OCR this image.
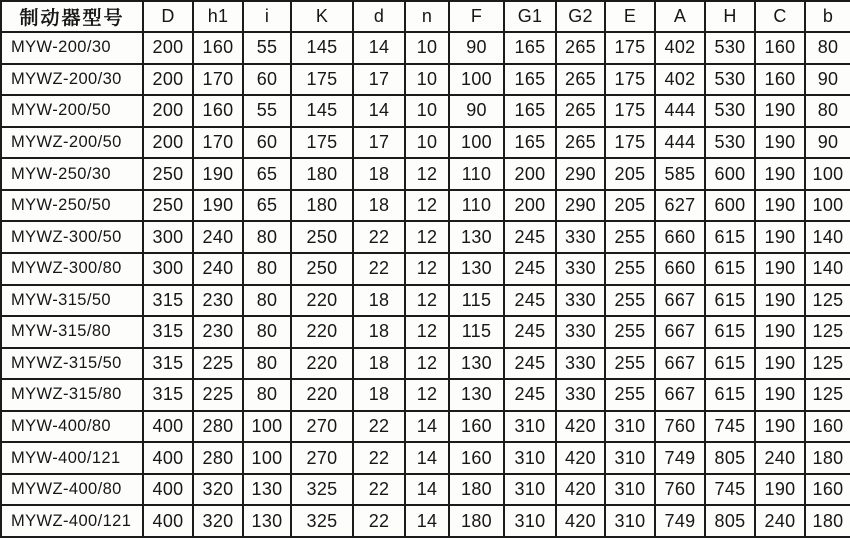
制动器型号	D	h1	i	K	d	n	F	G1	G2	E	A	H	C	b
MYW-200/30	200	160	55	145	14	10	90	165	265	175	402	530	160	80
MYWZ-200/30	200	170	60	175	17	10	100	165	265	175	402	530	160	90
MYW-200/50	200	160	55	145	14	10	90	165	265	175	444	530	190	80
MYWZ-200/50	200	170	60	175	17	10	100	165	265	175	444	530	190	90
MYW-250/30	250	190	65	180	18	12	110	200	290	205	585	600	190	100
MYW-250/50	250	190	65	180	18	12	110	200	290	205	627	600	190	100
MYWZ-300/50	300	240	80	250	22	12	130	245	330	255	660	615	190	140
MYWZ-300/80	300	240	80	250	22	12	130	245	330	255	660	615	190	140
MYW-315/50	315	230	80	220	18	12	115	245	330	255	667	615	190	125
MYW-315/80	315	230	80	220	18	12	115	245	330	255	667	615	190	125
MYWZ-315/50	315	225	80	220	18	12	130	245	330	255	667	615	190	125
MYWZ-315/80	315	225	80	220	18	12	130	245	330	255	667	615	190	125
MYW-400/80	400	280	100	270	22	14	160	310	420	310	760	745	190	160
MYW-400/121	400	280	100	270	22	14	160	310	420	310	749	805	240	180
MYWZ-400/80	400	320	130	325	22	14	180	310	420	310	760	745	190	160
MYWZ-400/121	400	320	130	325	22	14	180	310	420	310	749	805	240	180
